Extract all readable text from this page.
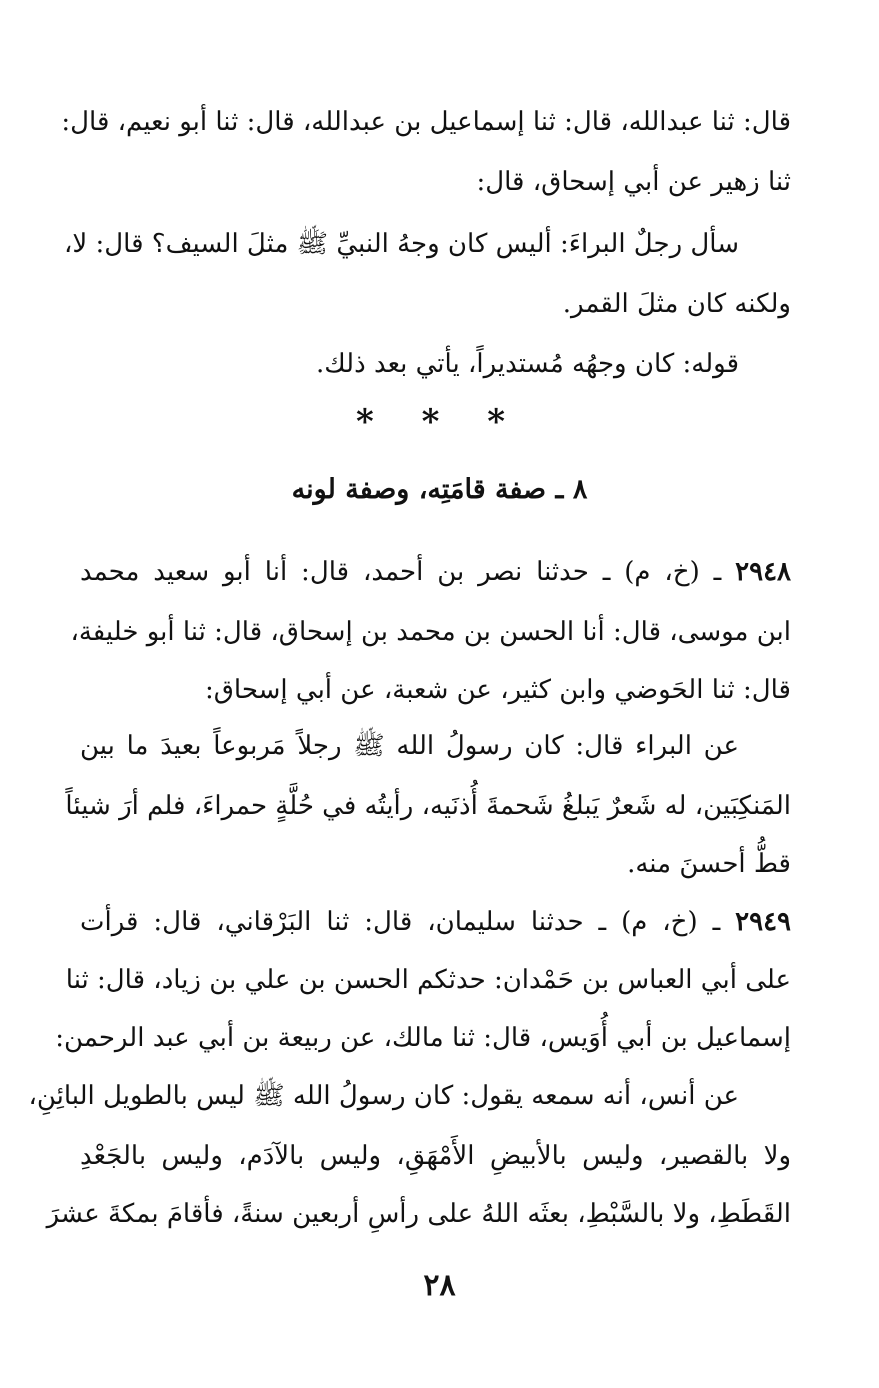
قال: ثنا عبدالله، قال: ثنا إسماعيل بن عبدالله، قال: ثنا أبو نعيم، قال:
ثنا زهير عن أبي إسحاق، قال:
سأل رجلٌ البراءَ: أليس كان وجهُ النبيِّ ﷺ مثلَ السيف؟ قال: لا،
ولكنه كان مثلَ القمر.
قوله: كان وجهُه مُستديراً، يأتي بعد ذلك.
* * *
٨ ـ صفة قامَتِه، وصفة لونه
٢٩٤٨ ـ (خ، م) ـ حدثنا نصر بن أحمد، قال: أنا أبو سعيد محمد
ابن موسى، قال: أنا الحسن بن محمد بن إسحاق، قال: ثنا أبو خليفة،
قال: ثنا الحَوضي وابن كثير، عن شعبة، عن أبي إسحاق:
عن البراء قال: كان رسولُ الله ﷺ رجلاً مَربوعاً بعيدَ ما بين
المَنكِبَين، له شَعرٌ يَبلغُ شَحمةَ أُذنَيه، رأيتُه في حُلَّةٍ حمراءَ، فلم أرَ شيئاً
قطُّ أحسنَ منه.
٢٩٤٩ ـ (خ، م) ـ حدثنا سليمان، قال: ثنا البَرْقاني، قال: قرأت
على أبي العباس بن حَمْدان: حدثكم الحسن بن علي بن زياد، قال: ثنا
إسماعيل بن أبي أُوَيس، قال: ثنا مالك، عن ربيعة بن أبي عبد الرحمن:
عن أنس، أنه سمعه يقول: كان رسولُ الله ﷺ ليس بالطويل البائِنِ،
ولا بالقصير، وليس بالأبيضِ الأَمْهَقِ، وليس بالآدَم، وليس بالجَعْدِ
القَطَطِ، ولا بالسَّبْطِ، بعثَه اللهُ على رأسِ أربعين سنةً، فأقامَ بمكةَ عشرَ
٢٨
